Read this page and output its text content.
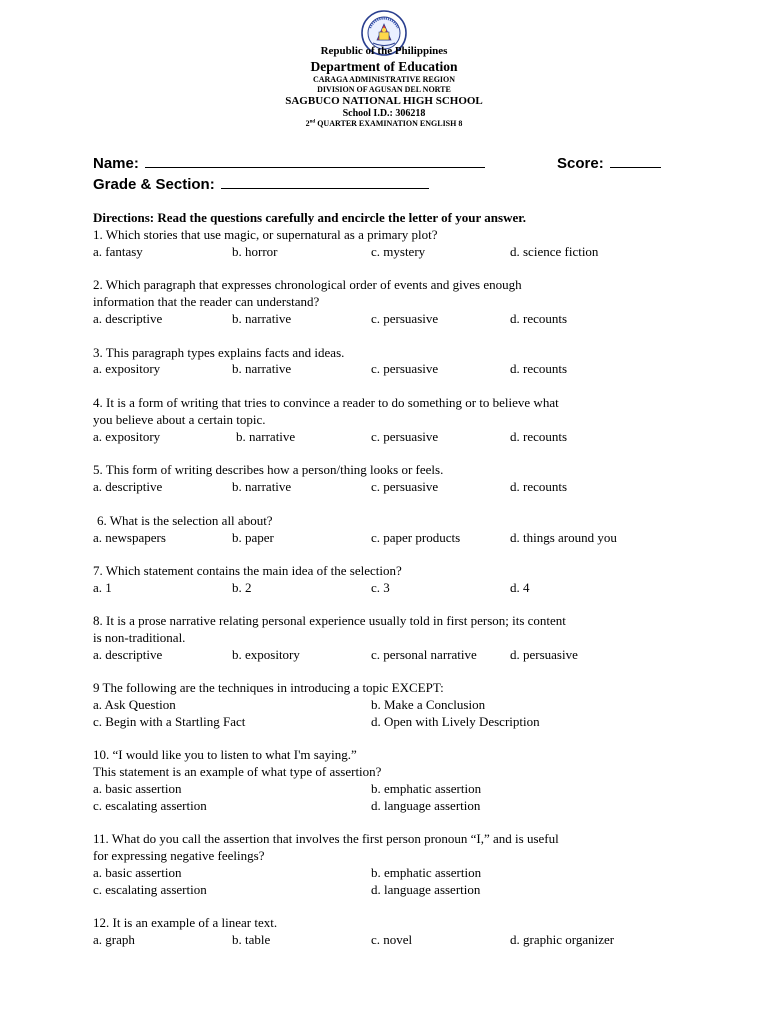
Republic of the Philippines
Department of Education
CARAGA ADMINISTRATIVE REGION
DIVISION OF AGUSAN DEL NORTE
SAGBUCO NATIONAL HIGH SCHOOL
School I.D.: 306218
2nd QUARTER EXAMINATION ENGLISH 8
Name:	Score:
Grade & Section:
Directions: Read the questions carefully and encircle the letter of your answer.
1. Which stories that use magic, or supernatural as a primary plot?
a. fantasy	b. horror	c. mystery	d. science fiction
2. Which paragraph that expresses chronological order of events and gives enough
information that the reader can understand?
a. descriptive	b. narrative	c. persuasive	d. recounts
3. This paragraph types explains facts and ideas.
a. expository	b. narrative	c. persuasive	d. recounts
4. It is a form of writing that tries to convince a reader to do something or to believe what
you believe about a certain topic.
a. expository	b. narrative	c. persuasive	d. recounts
5. This form of writing describes how a person/thing looks or feels.
a. descriptive	b. narrative	c. persuasive	d. recounts
6. What is the selection all about?
a. newspapers	b. paper	c. paper products	d. things around you
7. Which statement contains the main idea of the selection?
a. 1	b. 2	c. 3	d. 4
8. It is a prose narrative relating personal experience usually told in first person; its content
is non-traditional.
a. descriptive	b. expository	c. personal narrative	d. persuasive
9 The following are the techniques in introducing a topic EXCEPT:
a. Ask Question	b. Make a Conclusion
c. Begin with a Startling Fact	d. Open with Lively Description
10. “I would like you to listen to what I'm saying.”
This statement is an example of what type of assertion?
a. basic assertion	b. emphatic assertion
c. escalating assertion	d. language assertion
11. What do you call the assertion that involves the first person pronoun “I,” and is useful
for expressing negative feelings?
a. basic assertion	b. emphatic assertion
c. escalating assertion	d. language assertion
12. It is an example of a linear text.
a. graph	b. table	c. novel	d. graphic organizer
